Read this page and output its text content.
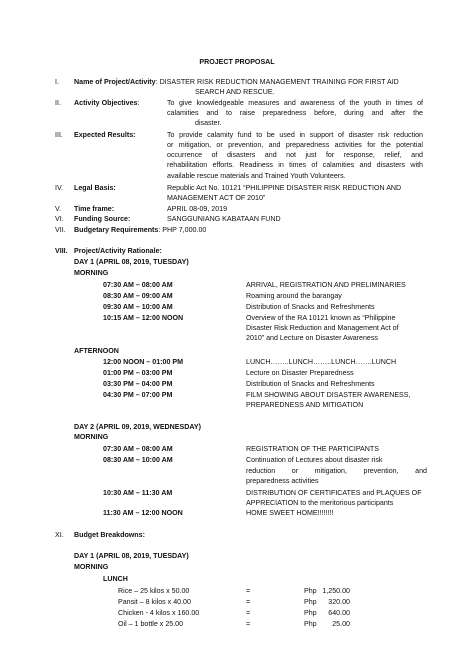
PROJECT PROPOSAL
I. Name of Project/Activity: DISASTER RISK REDUCTION MANAGEMENT TRAINING FOR FIRST AID
SEARCH AND RESCUE.
II. Activity Objectives:	To give knowledgeable measures and awareness of the youth in times of
calamities and to raise preparedness before, during and after the
disaster.
III. Expected Results:	To provide calamity fund to be used in support of disaster risk reduction
or mitigation, or prevention, and preparedness activities for the potential
occurrence of disasters and not just for response, relief, and
rehabilitation efforts. Readiness in times of calamities and disasters with
available rescue materials and Trained Youth Volunteers.
IV. Legal Basis:	Republic Act No. 10121 “PHILIPPINE DISASTER RISK REDUCTION AND
MANAGEMENT ACT OF 2010”
V. Time frame:	APRIL 08-09, 2019
VI. Funding Source:	SANGGUNIANG KABATAAN FUND
VII. Budgetary Requirements: PHP 7,000.00
VIII. Project/Activity Rationale:
DAY 1 (APRIL 08, 2019, TUESDAY)
MORNING
07:30 AM – 08:00 AM	ARRIVAL, REGISTRATION AND PRELIMINARIES
08:30 AM – 09:00 AM	Roaming around the barangay
09:30 AM – 10:00 AM	Distribution of Snacks and Refreshments
10:15 AM – 12:00 NOON	Overview of the RA 10121 known as “Philippine
Disaster Risk Reduction and Management Act of
2010” and Lecture on Disaster Awareness
AFTERNOON
12:00 NOON – 01:00 PM	LUNCH……..LUNCH……..LUNCH…….LUNCH
01:00 PM – 03:00 PM	Lecture on Disaster Preparedness
03:30 PM – 04:00 PM	Distribution of Snacks and Refreshments
04:30 PM – 07:00 PM	FILM SHOWING ABOUT DISASTER AWARENESS,
PREPAREDNESS AND MITIGATION
DAY 2 (APRIL 09, 2019, WEDNESDAY)
MORNING
07:30 AM – 08:00 AM	REGISTRATION OF THE PARTICIPANTS
08:30 AM – 10:00 AM	Continuation of Lectures about disaster risk
reduction or mitigation, prevention, and
preparedness activities
10:30 AM – 11:30 AM	DISTRIBUTION OF CERTIFICATES and PLAQUES OF
APPRECIATION to the meritorious participants
11:30 AM – 12:00 NOON	HOME SWEET HOME!!!!!!!!
XI. Budget Breakdowns:
DAY 1 (APRIL 08, 2019, TUESDAY)
MORNING
LUNCH
Rice – 25 kilos x 50.00	=	Php 1,250.00
Pansit – 8 kilos x 40.00	=	Php	320.00
Chicken - 4 kilos x 160.00	=	Php	640.00
Oil – 1 bottle x 25.00	=	Php	25.00
